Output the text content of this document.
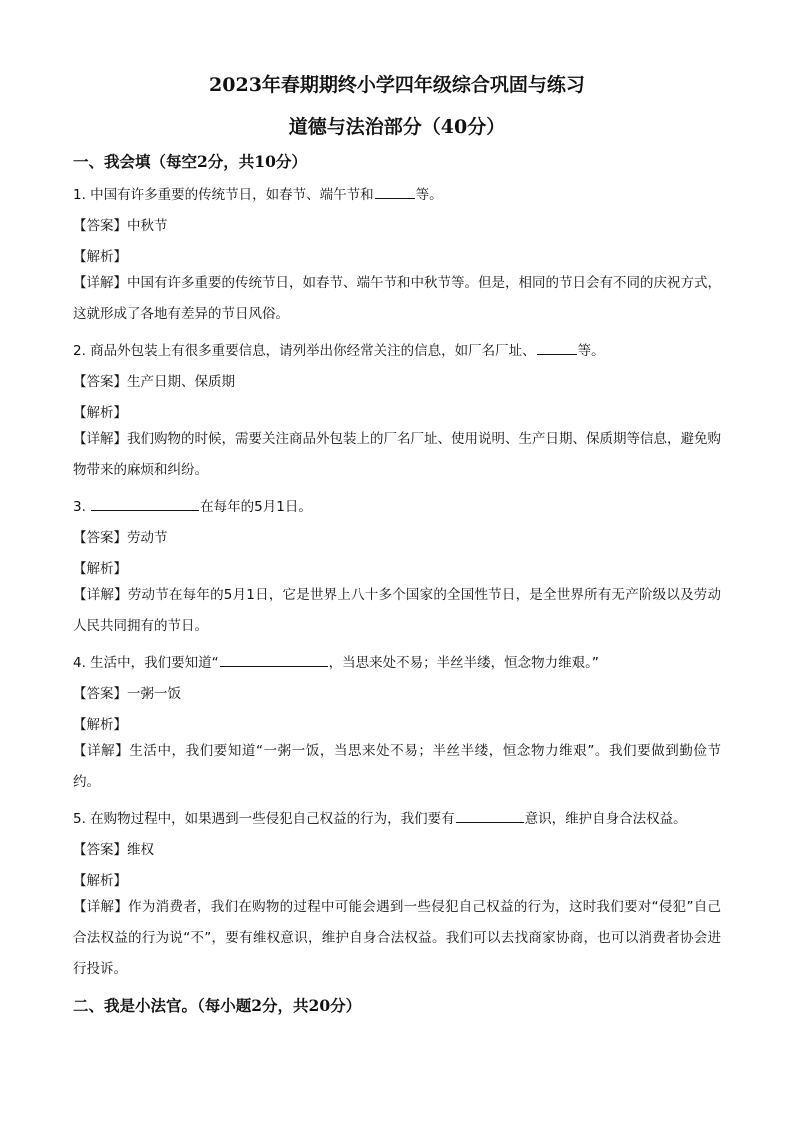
2023年春期期终小学四年级综合巩固与练习
道德与法治部分（40分）
一、我会填（每空2分，共10分）
1. 中国有许多重要的传统节日，如春节、端午节和	等。
【答案】中秋节
【解析】
【详解】中国有许多重要的传统节日，如春节、端午节和中秋节等。但是，相同的节日会有不同的庆祝方式，这就形成了各地有差异的节日风俗。
2. 商品外包装上有很多重要信息，请列举出你经常关注的信息，如厂名厂址、	等。
【答案】生产日期、保质期
【解析】
【详解】我们购物的时候，需要关注商品外包装上的厂名厂址、使用说明、生产日期、保质期等信息，避免购物带来的麻烦和纠纷。
3.	在每年的5月1日。
【答案】劳动节
【解析】
【详解】劳动节在每年的5月1日，它是世界上八十多个国家的全国性节日，是全世界所有无产阶级以及劳动人民共同拥有的节日。
4. 生活中，我们要知道“	，当思来处不易；半丝半缕，恒念物力维艰。”
【答案】一粥一饭
【解析】
【详解】生活中，我们要知道“一粥一饭，当思来处不易；半丝半缕，恒念物力维艰”。我们要做到勤俭节约。
5. 在购物过程中，如果遇到一些侵犯自己权益的行为，我们要有	意识，维护自身合法权益。
【答案】维权
【解析】
【详解】作为消费者，我们在购物的过程中可能会遇到一些侵犯自己权益的行为，这时我们要对“侵犯”自己合法权益的行为说“不”，要有维权意识，维护自身合法权益。我们可以去找商家协商，也可以消费者协会进行投诉。
二、我是小法官。（每小题2分，共20分）
